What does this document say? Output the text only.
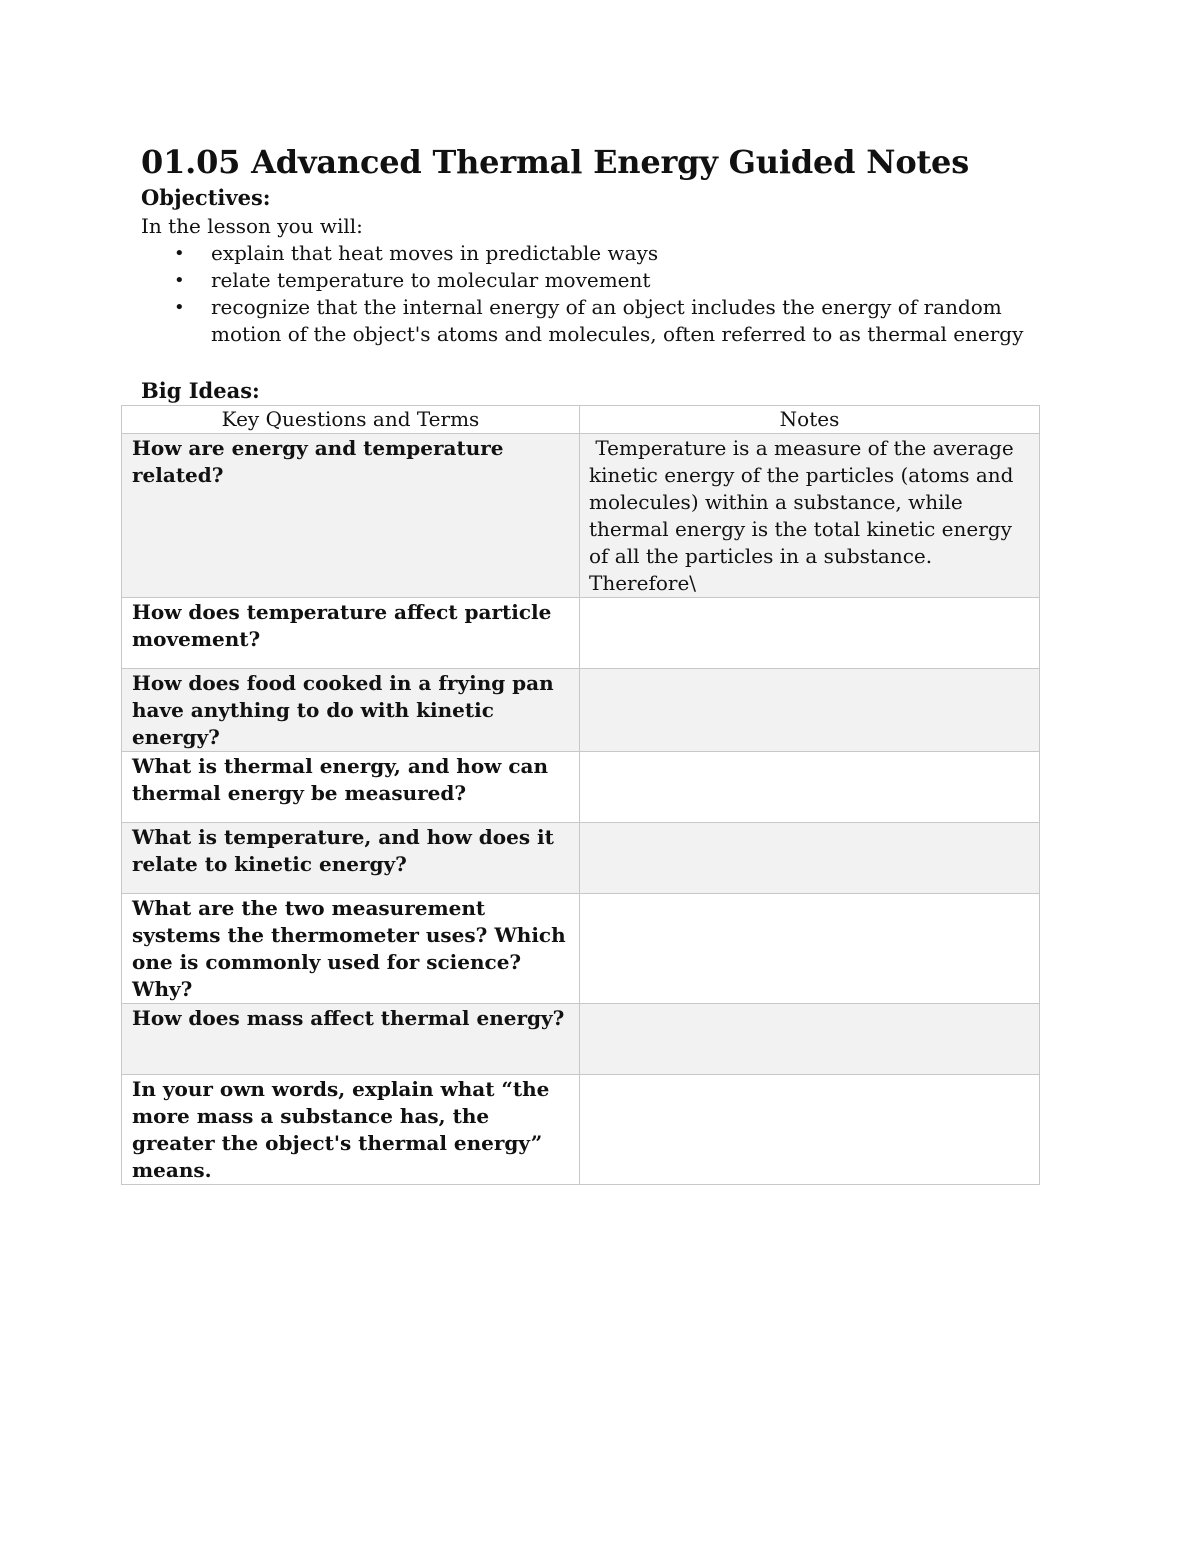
01.05 Advanced Thermal Energy Guided Notes
Objectives:

In the lesson you will:

• explain that heat moves in predictable ways
• relate temperature to molecular movement
• recognize that the internal energy of an object includes the energy of random motion of the object's atoms and molecules, often referred to as thermal energy
Big Ideas:
Key Questions and Terms	Notes
How are energy and temperature related?	Temperature is a measure of the average kinetic energy of the particles (atoms and molecules) within a substance, while thermal energy is the total kinetic energy of all the particles in a substance. Therefore\
How does temperature affect particle movement?	
How does food cooked in a frying pan have anything to do with kinetic energy?	
What is thermal energy, and how can thermal energy be measured?	
What is temperature, and how does it relate to kinetic energy?	
What are the two measurement systems the thermometer uses? Which one is commonly used for science? Why?	
How does mass affect thermal energy?	
In your own words, explain what “the more mass a substance has, the greater the object's thermal energy” means.	
